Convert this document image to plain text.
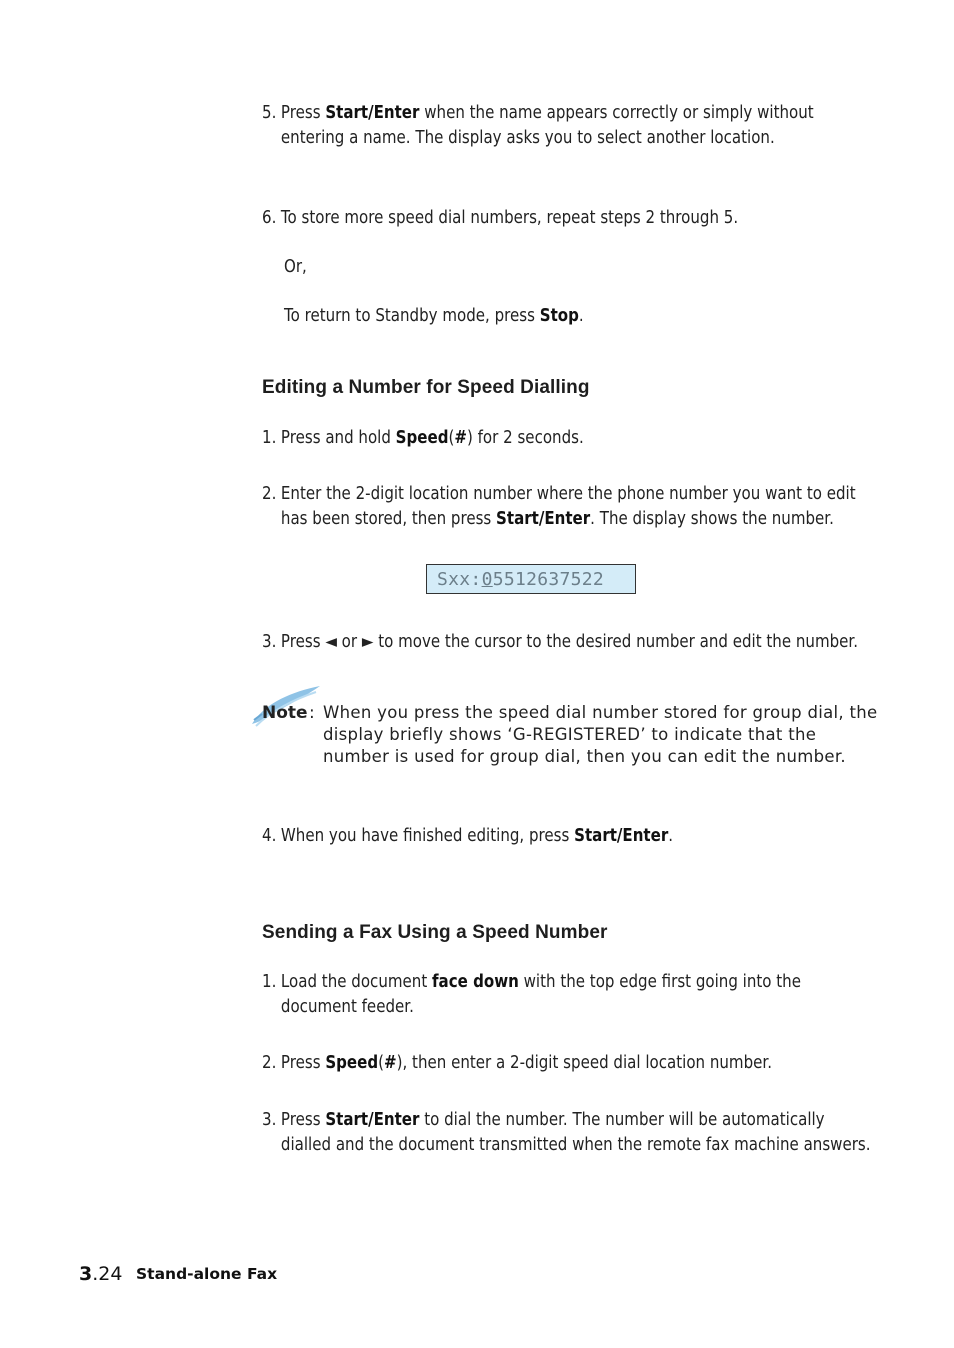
5. Press Start/Enter when the name appears correctly or simply without entering a name. The display asks you to select another location.
6. To store more speed dial numbers, repeat steps 2 through 5.
Or,
To return to Standby mode, press Stop.
Editing a Number for Speed Dialling
1. Press and hold Speed(#) for 2 seconds.
2. Enter the 2-digit location number where the phone number you want to edit has been stored, then press Start/Enter. The display shows the number.
Sxx:05512637522
3. Press ◄ or ► to move the cursor to the desired number and edit the number.
Note : When you press the speed dial number stored for group dial, the display briefly shows ‘G-REGISTERED’ to indicate that the number is used for group dial, then you can edit the number.
4. When you have finished editing, press Start/Enter.
Sending a Fax Using a Speed Number
1. Load the document face down with the top edge first going into the document feeder.
2. Press Speed(#), then enter a 2-digit speed dial location number.
3. Press Start/Enter to dial the number. The number will be automatically dialled and the document transmitted when the remote fax machine answers.
3.24 Stand-alone Fax
